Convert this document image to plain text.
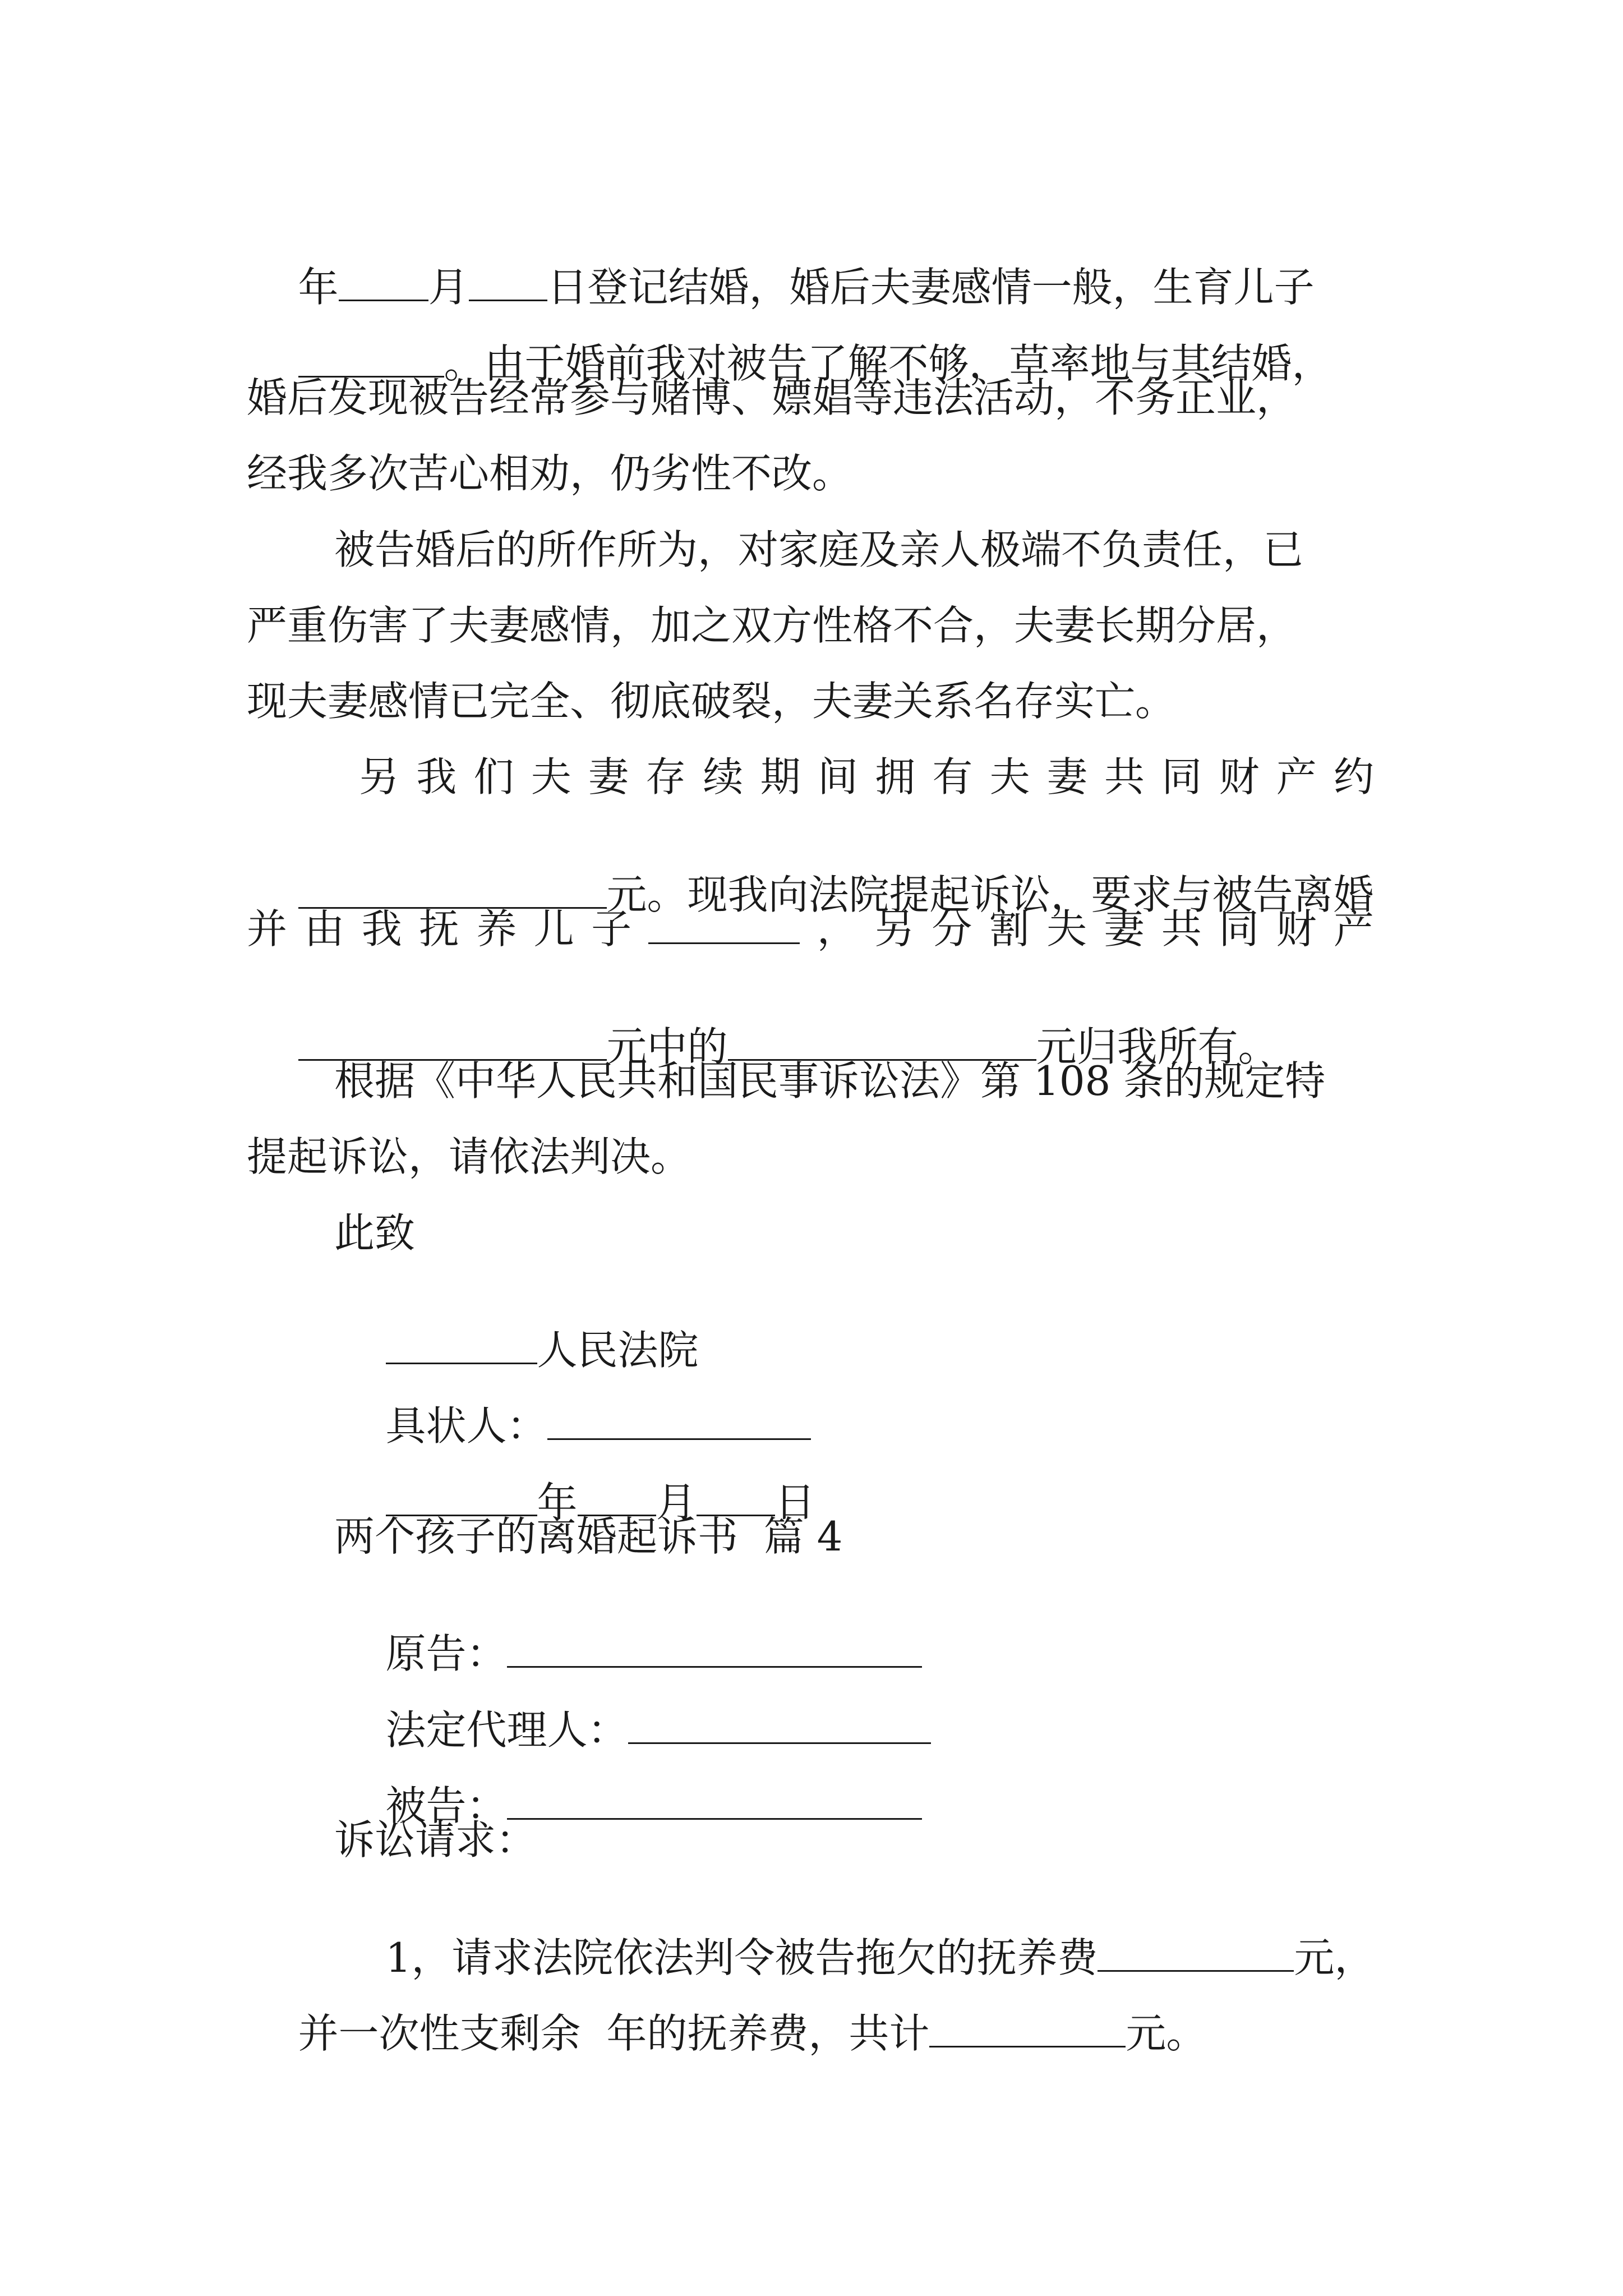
年 月 日登记结婚，婚后夫妻感情一般，生育儿子

。由于婚前我对被告了解不够，草率地与其结婚，

婚后发现被告经常参与赌博、嫖娼等违法活动，不务正业，
经我多次苦心相劝，仍劣性不改。
被告婚后的所作所为，对家庭及亲人极端不负责任，已
严重伤害了夫妻感情，加之双方性格不合，夫妻长期分居，
现夫妻感情已完全、彻底破裂，夫妻关系名存实亡。
另 我 们 夫 妻 存 续 期 间 拥 有 夫 妻 共 同 财 产 约

元。现我向法院提起诉讼，要求与被告离婚

并 由 我 抚 养 儿 子	， 另 分 割 夫 妻 共 同 财 产

元中的	元归我所有。

根据《中华人民共和国民事诉讼法》第 108 条的规定特
提起诉讼，请依法判决。
此致

人民法院

具状人：

年 月 日

两个孩子的离婚起诉书  篇 4

原告：

法定代理人：

被告：

诉讼请求：

1，请求法院依法判令被告拖欠的抚养费	元，

并一次性支剩余  年的抚养费，共计	元。
